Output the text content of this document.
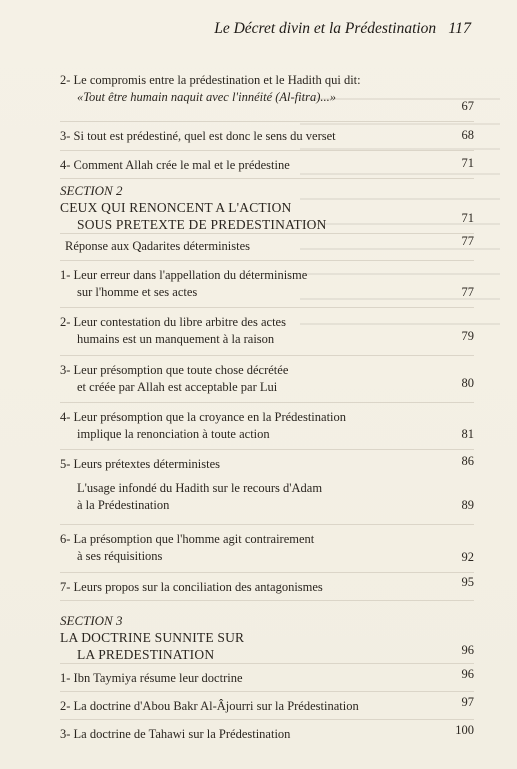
Le Décret divin et la Prédestination 117
2- Le compromis entre la prédestination et le Hadith qui dit:
«Tout être humain naquit avec l'innéité (Al-fitra)...»
67
3- Si tout est prédestiné, quel est donc le sens du verset	68
4- Comment Allah crée le mal et le prédestine	71
SECTION 2
CEUX QUI RENONCENT A L'ACTION
SOUS PRETEXTE DE PREDESTINATION	71
Réponse aux Qadarites déterministes	77
1- Leur erreur dans l'appellation du déterminisme
sur l'homme et ses actes	77
2- Leur contestation du libre arbitre des actes
humains est un manquement à la raison	79
3- Leur présomption que toute chose décrétée
et créée par Allah est acceptable par Lui	80
4- Leur présomption que la croyance en la Prédestination
implique la renonciation à toute action	81
5- Leurs prétextes déterministes	86
L'usage infondé du Hadith sur le recours d'Adam
à la Prédestination	89
6- La présomption que l'homme agit contrairement
à ses réquisitions	92
7- Leurs propos sur la conciliation des antagonismes	95
SECTION 3
LA DOCTRINE SUNNITE SUR
LA PREDESTINATION	96
1- Ibn Taymiya résume leur doctrine	96
2- La doctrine d'Abou Bakr Al-Âjourri sur la Prédestination	97
3- La doctrine de Tahawi sur la Prédestination	100
